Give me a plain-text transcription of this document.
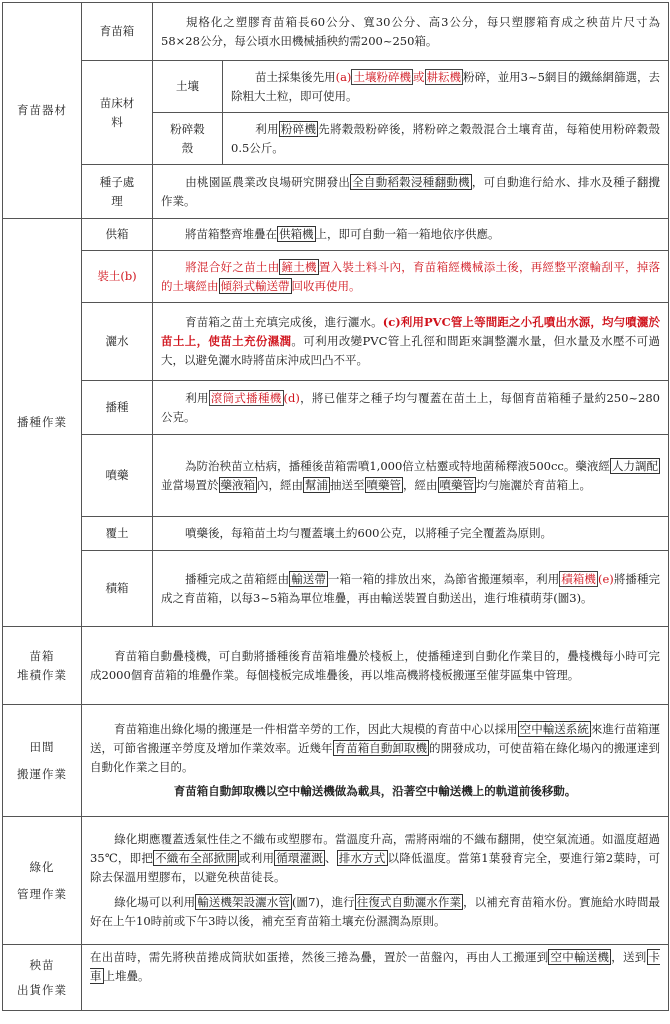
育苗器材	育苗箱	規格化之塑膠育苗箱長60公分、寬30公分、高3公分，每只塑膠箱育成之秧苗片尺寸為58×28公分，每公頃水田機械插秧約需200~250箱。	

	苗床材
料	土壤	苗土採集後先用(a) 土壤粉碎機 或 耕耘機 粉碎，並用3~5網目的鐵絲網篩選，去除粗大土粒，即可使用。

		粉碎穀
殼	利用 粉碎機 先將穀殼粉碎後，將粉碎之穀殼混合土壤育苗，每箱使用粉碎穀殼0.5公斤。

	種子處
理	由桃園區農業改良場研究開發出 全自動稻穀浸種翻動機 ，可自動進行給水、排水及種子翻攪作業。	
播種作業	供箱	將苗箱整齊堆疊在 供箱機 上，即可自動一箱一箱地依序供應。	
	裝土(b)	將混合好之苗土由 鏟土機 置入裝土料斗內，育苗箱經機械添土後，再經整平滾輪刮平，掉落的土壤經由 傾斜式輸送帶 回收再使用。	
	灑水	育苗箱之苗土充填完成後，進行灑水。(c)利用PVC管上等間距之小孔噴出水源，均勻噴灑於苗土上，使苗土充份濕潤。可利用改變PVC管上孔徑和間距來調整灑水量，但水量及水壓不可過大，以避免灑水時將苗床沖成凹凸不平。	
	播種	利用 滾筒式播種機 (d)，將已催芽之種子均勻覆蓋在苗土上，每個育苗箱種子量約250~280公克。	
	噴藥	為防治秧苗立枯病，播種後苗箱需噴1,000倍立枯靈或特地菌稀釋液500cc。藥液經 人力調配並當場置於 藥液箱 內，經由 幫浦 抽送至 噴藥管 ，經由 噴藥管 均勻施灑於育苗箱上。	
	覆土	噴藥後，每箱苗土均勻覆蓋壤土約600公克，以將種子完全覆蓋為原則。	
	積箱	播種完成之苗箱經由 輸送帶 一箱一箱的排放出來，為節省搬運頻率，利用 積箱機 (e)將播種完成之育苗箱，以每3~5箱為單位堆疊，再由輸送裝置自動送出，進行堆積萌芽(圖3)。	

苗箱
堆積作業	育苗箱自動疊棧機，可自動將播種後育苗箱堆疊於棧板上，使播種達到自動化作業目的，疊棧機每小時可完成2000個育苗箱的堆疊作業。每個棧板完成堆疊後，再以堆高機將棧板搬運至催芽區集中管理。		

田間
搬運作業	育苗箱進出綠化場的搬運是一件相當辛勞的工作，因此大規模的育苗中心以採用 空中輸送系統 來進行苗箱運送，可節省搬運辛勞度及增加作業效率。近幾年 育苗箱自動卸取機 的開發成功，可使苗箱在綠化場內的搬運達到自動化作業之目的。
育苗箱自動卸取機以空中輸送機做為載具，沿著空中輸送機上的軌道前後移動。		

綠化
管理作業	綠化期應覆蓋透氣性佳之不織布或塑膠布。當溫度升高，需將兩端的不織布翻開，使空氣流通。如溫度超過35℃，即把 不織布全部掀開 或利用 循環灌溉 、 排水方式 以降低溫度。當第1葉發育完全，要進行第2葉時，可除去保溫用塑膠布，以避免秧苗徒長。
綠化場可以利用 輸送機架設灑水管 (圖7)，進行 往復式自動灑水作業 ，以補充育苗箱水份。實施給水時間最好在上午10時前或下午3時以後，補充至育苗箱土壤充份濕潤為原則。		

秧苗
出貨作業	在出苗時，需先將秧苗捲成筒狀如蛋捲，然後三捲為疊，置於一苗盤內，再由人工搬運到 空中輸送機 ，送到 卡車 上堆疊。		
